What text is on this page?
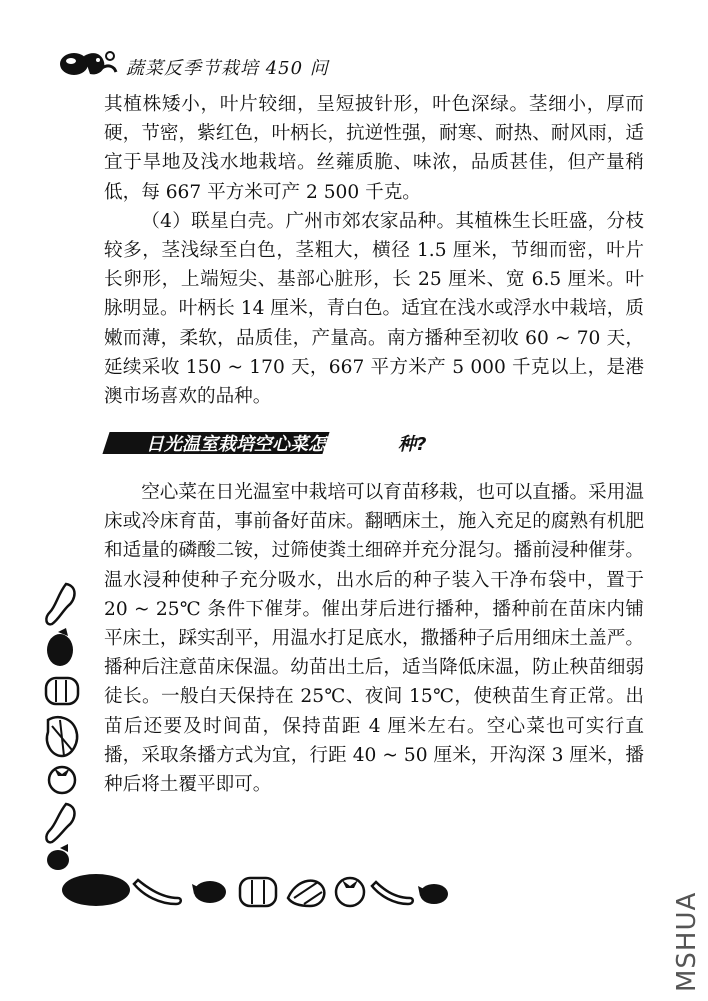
蔬菜反季节栽培 450 问

其植株矮小，叶片较细，呈短披针形，叶色深绿。茎细小，厚而硬，节密，紫红色，叶柄长，抗逆性强，耐寒、耐热、耐风雨，适宜于旱地及浅水地栽培。丝蕹质脆、味浓，品质甚佳，但产量稍低，每 667 平方米可产 2 500 千克。

（4）联星白壳。广州市郊农家品种。其植株生长旺盛，分枝较多，茎浅绿至白色，茎粗大，横径 1.5 厘米，节细而密，叶片长卵形，上端短尖、基部心脏形，长 25 厘米、宽 6.5 厘米。叶脉明显。叶柄长 14 厘米，青白色。适宜在浅水或浮水中栽培，质嫩而薄，柔软，品质佳，产量高。南方播种至初收 60 ~ 70 天，延续采收 150 ~ 170 天，667 平方米产 5 000 千克以上，是港澳市场喜欢的品种。

日光温室栽培空心菜怎样育苗播种?

空心菜在日光温室中栽培可以育苗移栽，也可以直播。采用温床或冷床育苗，事前备好苗床。翻晒床土，施入充足的腐熟有机肥和适量的磷酸二铵，过筛使粪土细碎并充分混匀。播前浸种催芽。温水浸种使种子充分吸水，出水后的种子装入干净布袋中，置于 20 ~ 25℃ 条件下催芽。催出芽后进行播种，播种前在苗床内铺平床土，踩实刮平，用温水打足底水，撒播种子后用细床土盖严。播种后注意苗床保温。幼苗出土后，适当降低床温，防止秧苗细弱徒长。一般白天保持在 25℃、夜间 15℃，使秧苗生育正常。出苗后还要及时间苗，保持苗距 4 厘米左右。空心菜也可实行直播，采取条播方式为宜，行距 40 ~ 50 厘米，开沟深 3 厘米，播种后将土覆平即可。

MSHUA
